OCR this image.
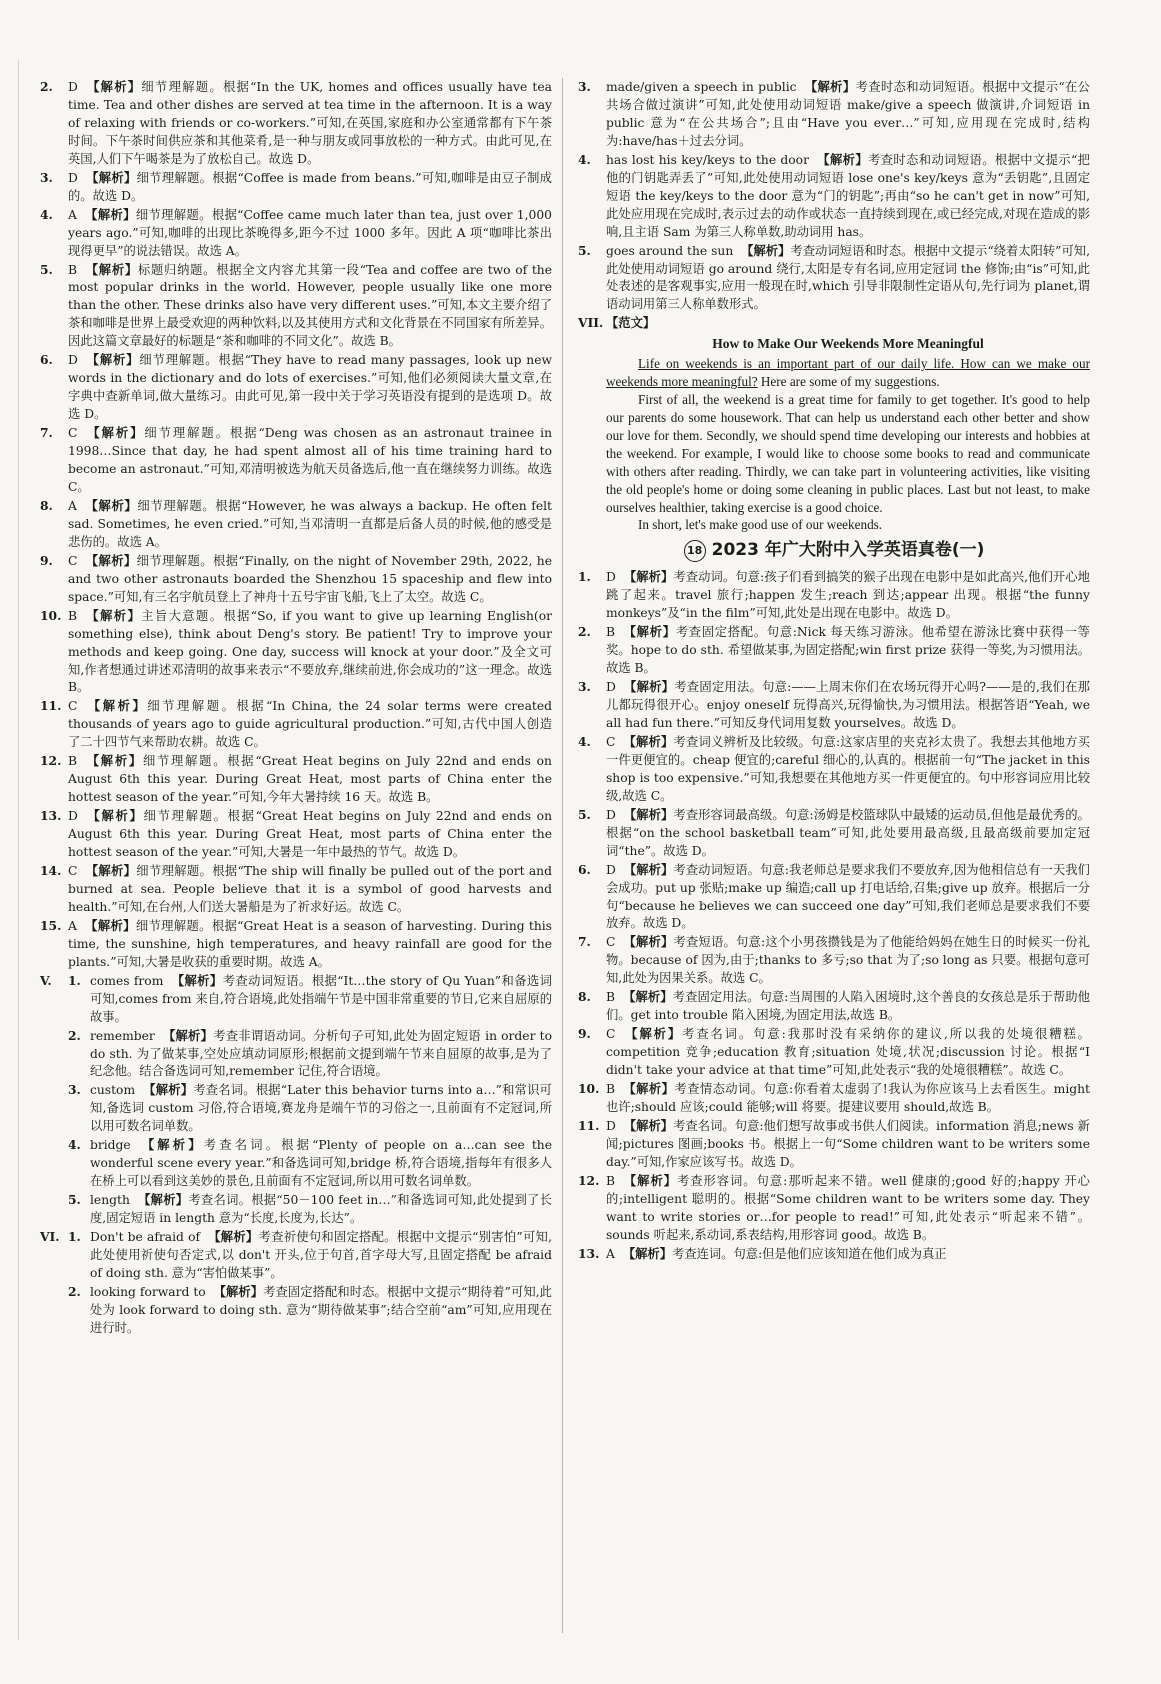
2. D 【解析】细节理解题。根据“In the UK, homes and offices usually have tea time. Tea and other dishes are served at tea time in the afternoon. It is a way of relaxing with friends or co-workers.”可知,在英国,家庭和办公室通常都有下午茶时间。下午茶时间供应茶和其他菜肴,是一种与朋友或同事放松的一种方式。由此可见,在英国,人们下午喝茶是为了放松自己。故选 D。

3. D 【解析】细节理解题。根据“Coffee is made from beans.”可知,咖啡是由豆子制成的。故选 D。

4. A 【解析】细节理解题。根据“Coffee came much later than tea, just over 1,000 years ago.”可知,咖啡的出现比茶晚得多,距今不过 1000 多年。因此 A 项“咖啡比茶出现得更早”的说法错误。故选 A。

5. B 【解析】标题归纳题。根据全文内容尤其第一段“Tea and coffee are two of the most popular drinks in the world. However, people usually like one more than the other. These drinks also have very different uses.”可知,本文主要介绍了茶和咖啡是世界上最受欢迎的两种饮料,以及其使用方式和文化背景在不同国家有所差异。因此这篇文章最好的标题是“茶和咖啡的不同文化”。故选 B。

6. D 【解析】细节理解题。根据“They have to read many passages, look up new words in the dictionary and do lots of exercises.”可知,他们必须阅读大量文章,在字典中查新单词,做大量练习。由此可见,第一段中关于学习英语没有提到的是选项 D。故选 D。

7. C 【解析】细节理解题。根据“Deng was chosen as an astronaut trainee in 1998…Since that day, he had spent almost all of his time training hard to become an astronaut.”可知,邓清明被选为航天员备选后,他一直在继续努力训练。故选 C。

8. A 【解析】细节理解题。根据“However, he was always a backup. He often felt sad. Sometimes, he even cried.”可知,当邓清明一直都是后备人员的时候,他的感受是悲伤的。故选 A。

9. C 【解析】细节理解题。根据“Finally, on the night of November 29th, 2022, he and two other astronauts boarded the Shenzhou 15 spaceship and flew into space.”可知,有三名宇航员登上了神舟十五号宇宙飞船,飞上了太空。故选 C。

10. B 【解析】主旨大意题。根据“So, if you want to give up learning English(or something else), think about Deng's story. Be patient! Try to improve your methods and keep going. One day, success will knock at your door.”及全文可知,作者想通过讲述邓清明的故事来表示“不要放弃,继续前进,你会成功的”这一理念。故选 B。

11. C 【解析】细节理解题。根据“In China, the 24 solar terms were created thousands of years ago to guide agricultural production.”可知,古代中国人创造了二十四节气来帮助农耕。故选 C。

12. B 【解析】细节理解题。根据“Great Heat begins on July 22nd and ends on August 6th this year. During Great Heat, most parts of China enter the hottest season of the year.”可知,今年大暑持续 16 天。故选 B。

13. D 【解析】细节理解题。根据“Great Heat begins on July 22nd and ends on August 6th this year. During Great Heat, most parts of China enter the hottest season of the year.”可知,大暑是一年中最热的节气。故选 D。

14. C 【解析】细节理解题。根据“The ship will finally be pulled out of the port and burned at sea. People believe that it is a symbol of good harvests and health.”可知,在台州,人们送大暑船是为了祈求好运。故选 C。

15. A 【解析】细节理解题。根据“Great Heat is a season of harvesting. During this time, the sunshine, high temperatures, and heavy rainfall are good for the plants.”可知,大暑是收获的重要时期。故选 A。

V. 1. comes from 【解析】考查动词短语。根据“It…the story of Qu Yuan”和备选词可知,comes from 来自,符合语境,此处指端午节是中国非常重要的节日,它来自屈原的故事。

2. remember 【解析】考查非谓语动词。分析句子可知,此处为固定短语 in order to do sth. 为了做某事,空处应填动词原形;根据前文提到端午节来自屈原的故事,是为了纪念他。结合备选词可知,remember 记住,符合语境。

3. custom 【解析】考查名词。根据“Later this behavior turns into a…”和常识可知,备选词 custom 习俗,符合语境,赛龙舟是端午节的习俗之一,且前面有不定冠词,所以用可数名词单数。

4. bridge 【解析】考查名词。根据“Plenty of people on a…can see the wonderful scene every year.”和备选词可知,bridge 桥,符合语境,指每年有很多人在桥上可以看到这美妙的景色,且前面有不定冠词,所以用可数名词单数。

5. length 【解析】考查名词。根据“50－100 feet in…”和备选词可知,此处提到了长度,固定短语 in length 意为“长度,长度为,长达”。

VI. 1. Don't be afraid of 【解析】考查祈使句和固定搭配。根据中文提示“别害怕”可知,此处使用祈使句否定式,以 don't 开头,位于句首,首字母大写,且固定搭配 be afraid of doing sth. 意为“害怕做某事”。

2. looking forward to 【解析】考查固定搭配和时态。根据中文提示“期待着”可知,此处为 look forward to doing sth. 意为“期待做某事”;结合空前“am”可知,应用现在进行时。

3. made/given a speech in public 【解析】考查时态和动词短语。根据中文提示“在公共场合做过演讲”可知,此处使用动词短语 make/give a speech 做演讲,介词短语 in public 意为“在公共场合”;且由“Have you ever…”可知,应用现在完成时,结构为:have/has＋过去分词。

4. has lost his key/keys to the door 【解析】考查时态和动词短语。根据中文提示“把他的门钥匙弄丢了”可知,此处使用动词短语 lose one's key/keys 意为“丢钥匙”,且固定短语 the key/keys to the door 意为“门的钥匙”;再由“so he can't get in now”可知,此处应用现在完成时,表示过去的动作或状态一直持续到现在,或已经完成,对现在造成的影响,且主语 Sam 为第三人称单数,助动词用 has。

5. goes around the sun 【解析】考查动词短语和时态。根据中文提示“绕着太阳转”可知,此处使用动词短语 go around 绕行,太阳是专有名词,应用定冠词 the 修饰;由“is”可知,此处表述的是客观事实,应用一般现在时,which 引导非限制性定语从句,先行词为 planet,谓语动词用第三人称单数形式。

VII. 【范文】
How to Make Our Weekends More Meaningful

Life on weekends is an important part of our daily life. How can we make our weekends more meaningful? Here are some of my suggestions.

First of all, the weekend is a great time for family to get together. It's good to help our parents do some housework. That can help us understand each other better and show our love for them. Secondly, we should spend time developing our interests and hobbies at the weekend. For example, I would like to choose some books to read and communicate with others after reading. Thirdly, we can take part in volunteering activities, like visiting the old people's home or doing some cleaning in public places. Last but not least, to make ourselves healthier, taking exercise is a good choice.

In short, let's make good use of our weekends.

18 2023 年广大附中入学英语真卷(一)

1. D 【解析】考查动词。句意:孩子们看到搞笑的猴子出现在电影中是如此高兴,他们开心地跳了起来。travel 旅行;happen 发生;reach 到达;appear 出现。根据“the funny monkeys”及“in the film”可知,此处是出现在电影中。故选 D。

2. B 【解析】考查固定搭配。句意:Nick 每天练习游泳。他希望在游泳比赛中获得一等奖。hope to do sth. 希望做某事,为固定搭配;win first prize 获得一等奖,为习惯用法。故选 B。

3. D 【解析】考查固定用法。句意:——上周末你们在农场玩得开心吗?——是的,我们在那儿都玩得很开心。enjoy oneself 玩得高兴,玩得愉快,为习惯用法。根据答语“Yeah, we all had fun there.”可知反身代词用复数 yourselves。故选 D。

4. C 【解析】考查词义辨析及比较级。句意:这家店里的夹克衫太贵了。我想去其他地方买一件更便宜的。cheap 便宜的;careful 细心的,认真的。根据前一句“The jacket in this shop is too expensive.”可知,我想要在其他地方买一件更便宜的。句中形容词应用比较级,故选 C。

5. D 【解析】考查形容词最高级。句意:汤姆是校篮球队中最矮的运动员,但他是最优秀的。根据“on the school basketball team”可知,此处要用最高级,且最高级前要加定冠词“the”。故选 D。

6. D 【解析】考查动词短语。句意:我老师总是要求我们不要放弃,因为他相信总有一天我们会成功。put up 张贴;make up 编造;call up 打电话给,召集;give up 放弃。根据后一分句“because he believes we can succeed one day”可知,我们老师总是要求我们不要放弃。故选 D。

7. C 【解析】考查短语。句意:这个小男孩攒钱是为了他能给妈妈在她生日的时候买一份礼物。because of 因为,由于;thanks to 多亏;so that 为了;so long as 只要。根据句意可知,此处为因果关系。故选 C。

8. B 【解析】考查固定用法。句意:当周围的人陷入困境时,这个善良的女孩总是乐于帮助他们。get into trouble 陷入困境,为固定用法,故选 B。

9. C 【解析】考查名词。句意:我那时没有采纳你的建议,所以我的处境很糟糕。competition 竞争;education 教育;situation 处境,状况;discussion 讨论。根据“I didn't take your advice at that time”可知,此处表示“我的处境很糟糕”。故选 C。

10. B 【解析】考查情态动词。句意:你看着太虚弱了!我认为你应该马上去看医生。might 也许;should 应该;could 能够;will 将要。提建议要用 should,故选 B。

11. D 【解析】考查名词。句意:他们想写故事或书供人们阅读。information 消息;news 新闻;pictures 图画;books 书。根据上一句“Some children want to be writers some day.”可知,作家应该写书。故选 D。

12. B 【解析】考查形容词。句意:那听起来不错。well 健康的;good 好的;happy 开心的;intelligent 聪明的。根据“Some children want to be writers some day. They want to write stories or…for people to read!”可知,此处表示“听起来不错”。sounds 听起来,系动词,系表结构,用形容词 good。故选 B。

13. A 【解析】考查连词。句意:但是他们应该知道在他们成为真正
